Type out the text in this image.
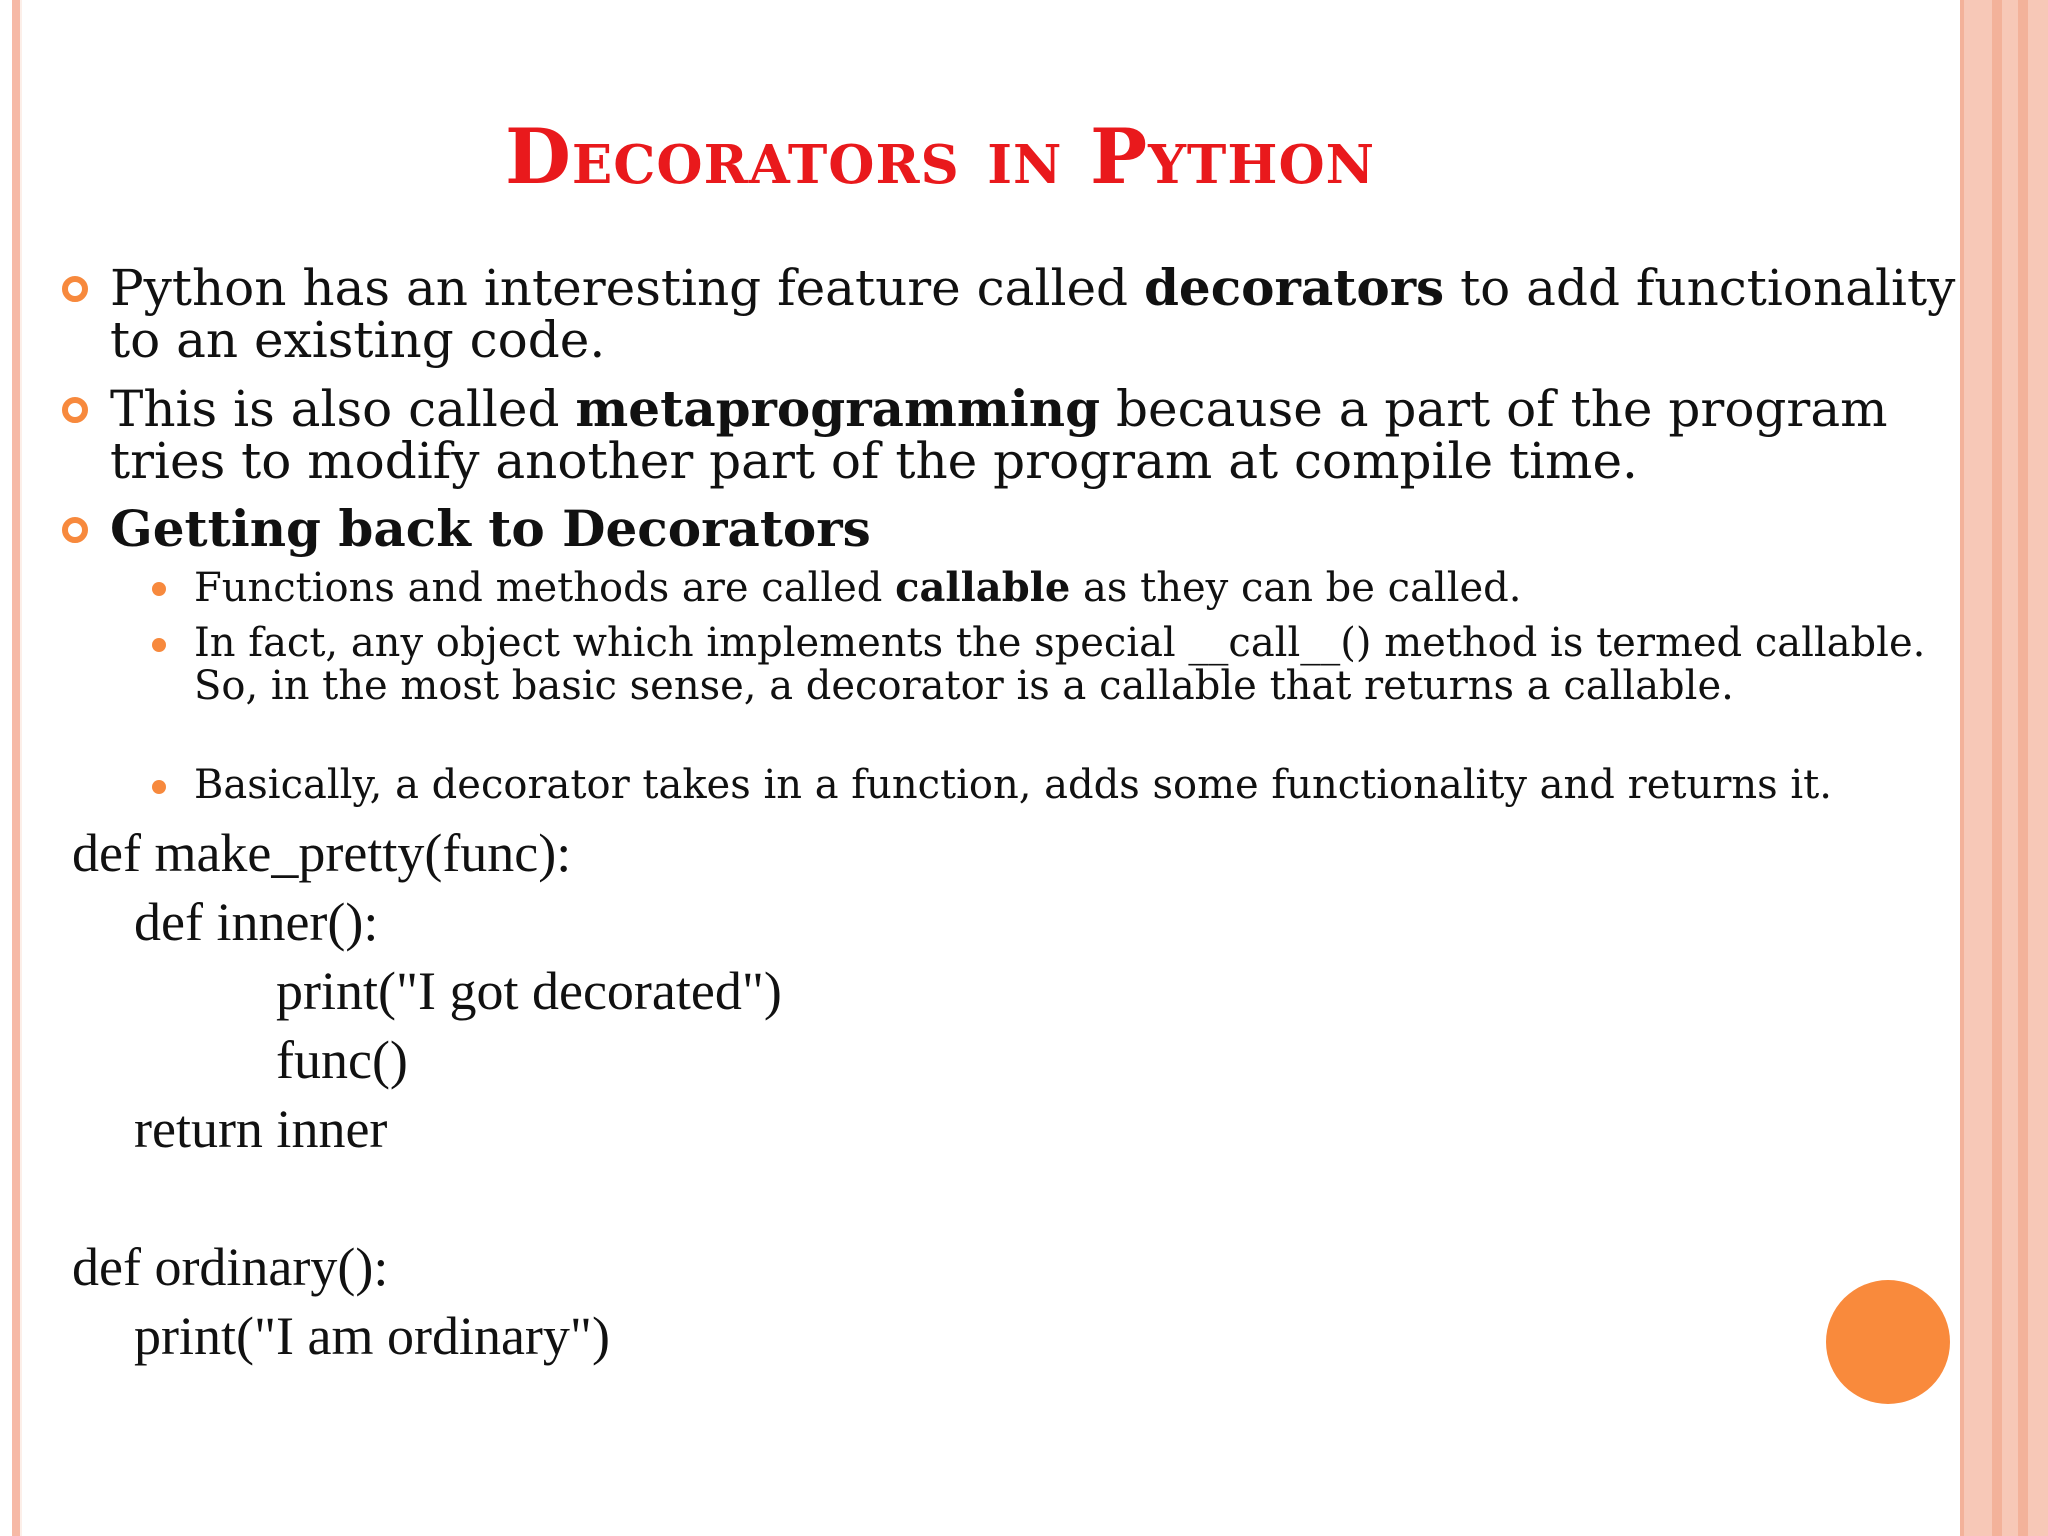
Decorators in Python
Python has an interesting feature called decorators to add functionality to an existing code.
This is also called metaprogramming because a part of the program tries to modify another part of the program at compile time.
Getting back to Decorators
Functions and methods are called callable as they can be called.
In fact, any object which implements the special __call__() method is termed callable. So, in the most basic sense, a decorator is a callable that returns a callable.
Basically, a decorator takes in a function, adds some functionality and returns it.
def make_pretty(func):
def inner():
print("I got decorated")
func()
return inner
def ordinary():
print("I am ordinary")
